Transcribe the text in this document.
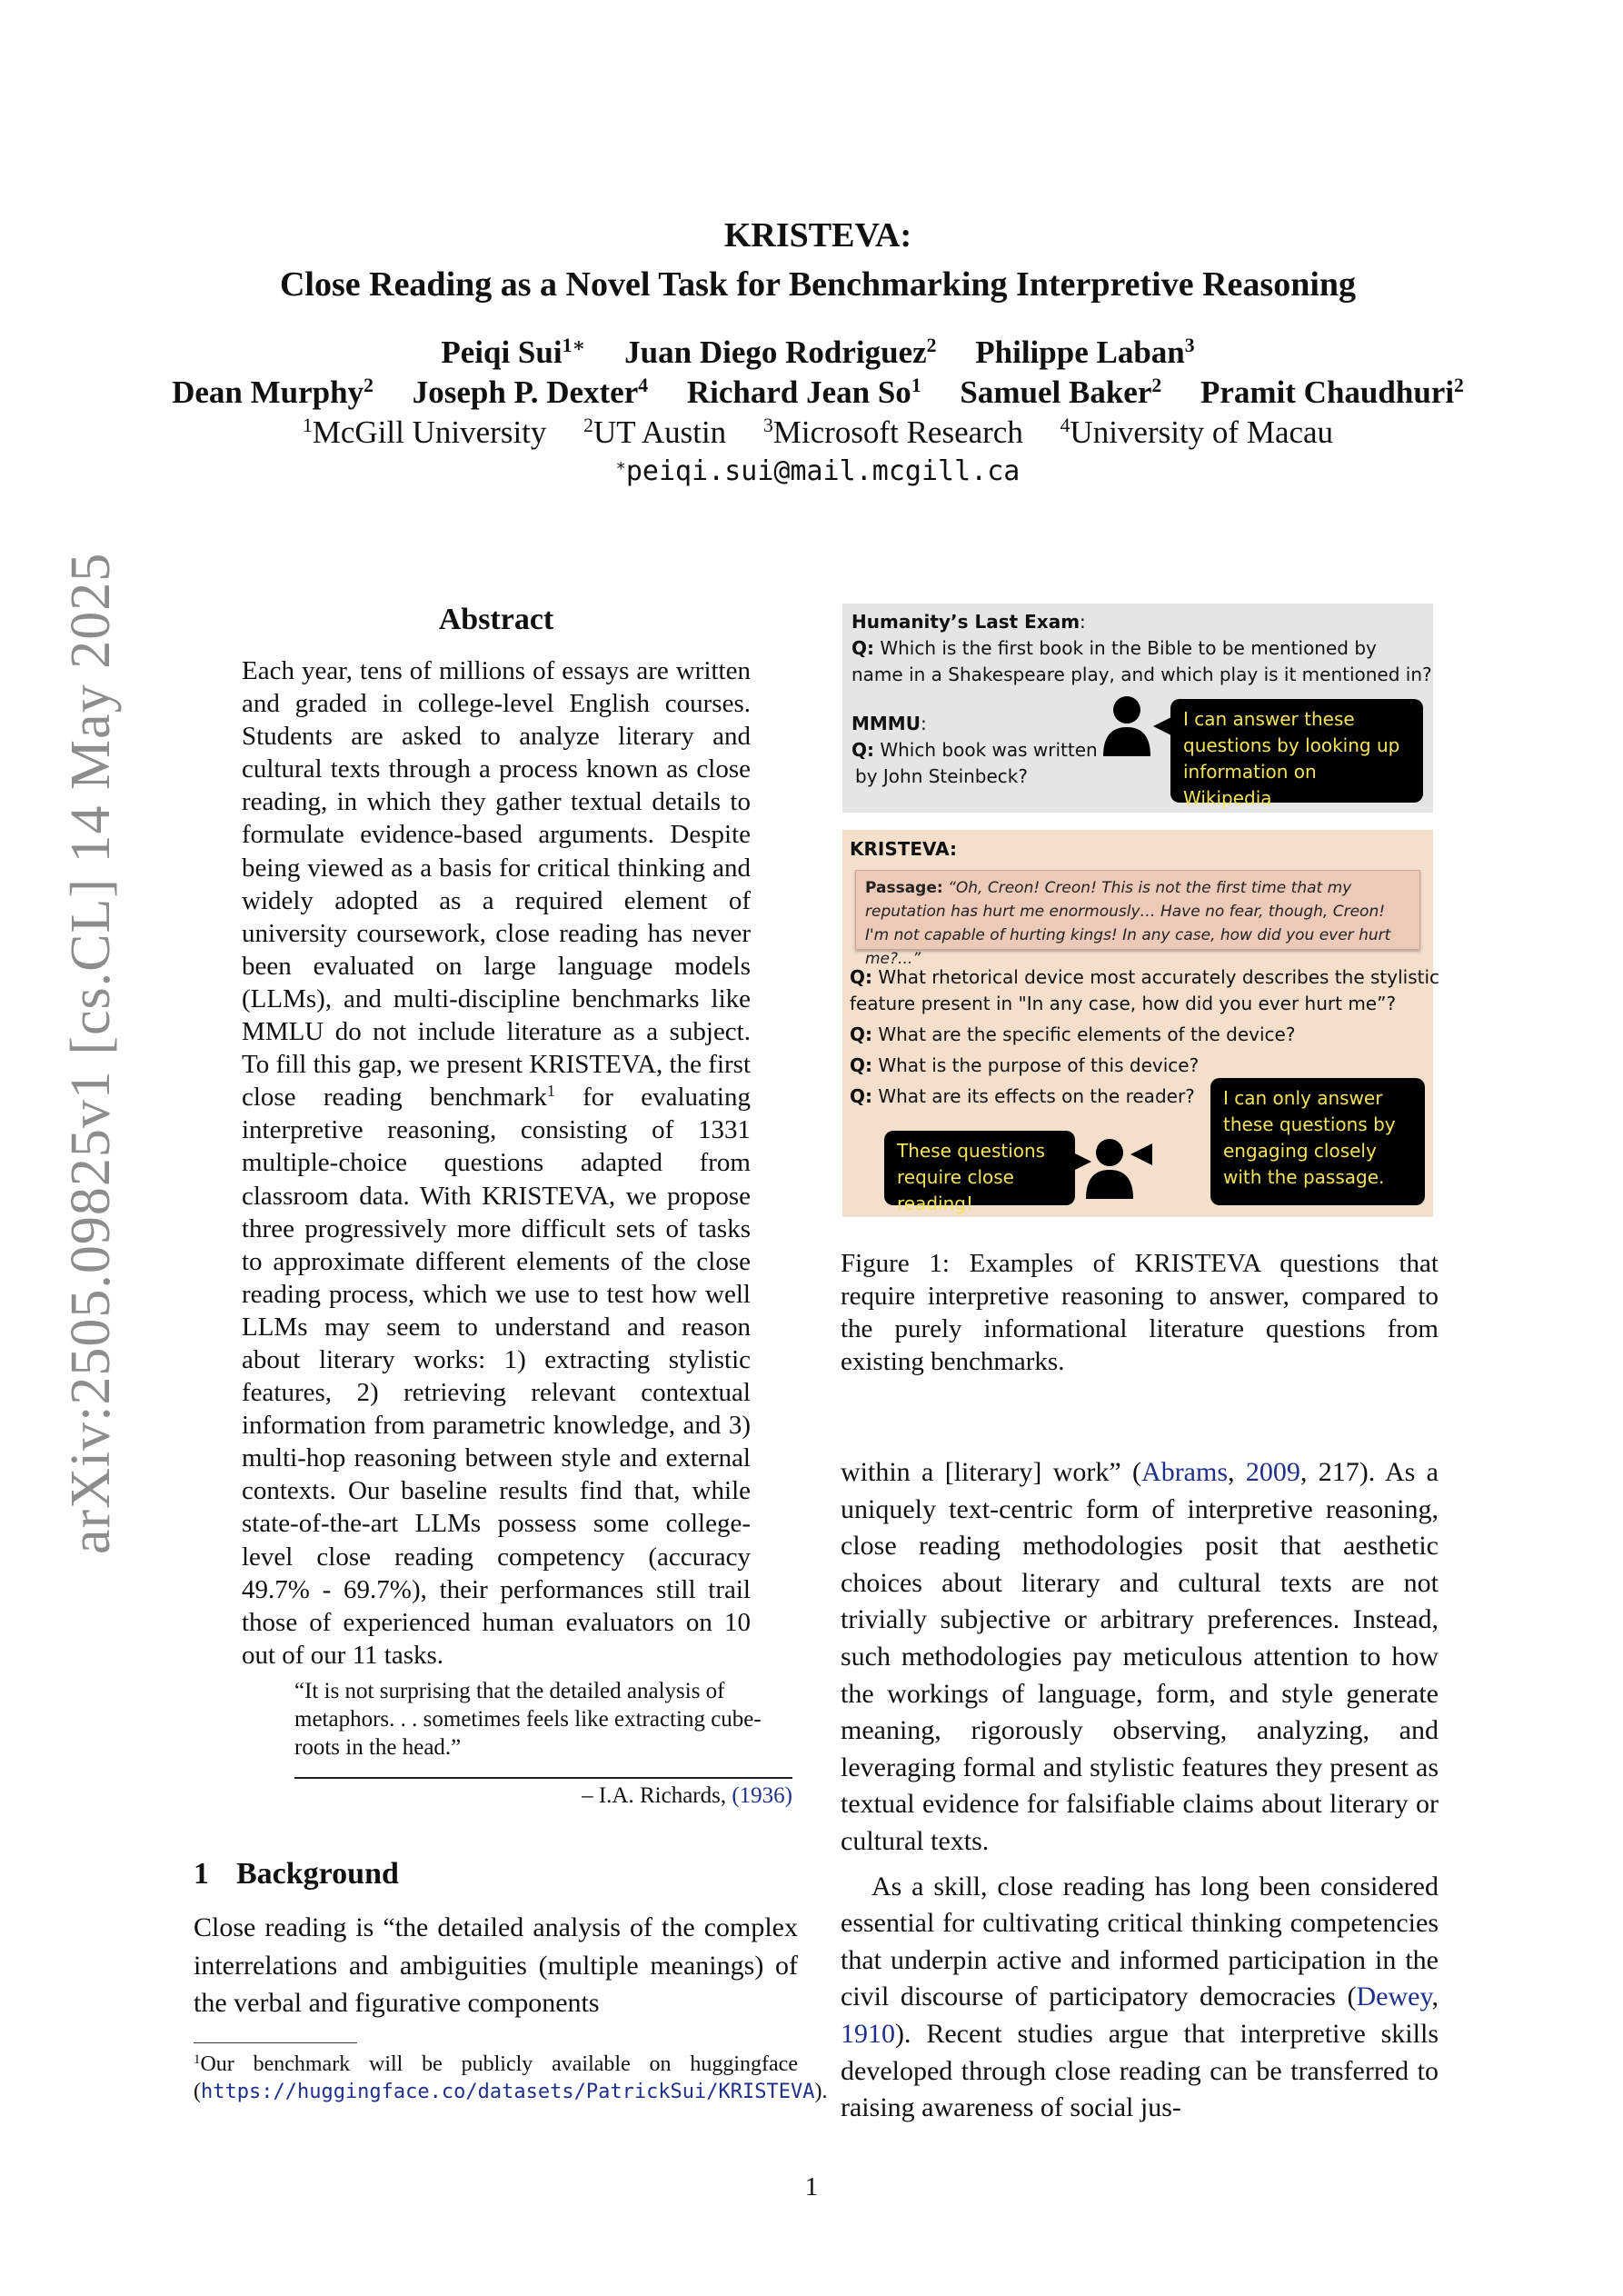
arXiv:2505.09825v1 [cs.CL] 14 May 2025
KRISTEVA:
Close Reading as a Novel Task for Benchmarking Interpretive Reasoning
Peiqi Sui$^{1∗}$ Juan Diego Rodriguez$^2$ Philippe Laban$^3$
Dean Murphy$^2$ Joseph P. Dexter$^4$ Richard Jean So$^1$ Samuel Baker$^2$ Pramit Chaudhuri$^2$
$^1$McGill University $^2$UT Austin $^3$Microsoft Research $^4$University of Macau
∗peiqi.sui@mail.mcgill.ca
Abstract
Each year, tens of millions of essays are written and graded in college-level English courses. Students are asked to analyze literary and cultural texts through a process known as close reading, in which they gather textual details to formulate evidence-based arguments. Despite being viewed as a basis for critical thinking and widely adopted as a required element of university coursework, close reading has never been evaluated on large language models (LLMs), and multi-discipline benchmarks like MMLU do not include literature as a subject. To fill this gap, we present KRISTEVA, the first close reading benchmark$^1$ for evaluating interpretive reasoning, consisting of 1331 multiple-choice questions adapted from classroom data. With KRISTEVA, we propose three progressively more difficult sets of tasks to approximate different elements of the close reading process, which we use to test how well LLMs may seem to understand and reason about literary works: 1) extracting stylistic features, 2) retrieving relevant contextual information from parametric knowledge, and 3) multi-hop reasoning between style and external contexts. Our baseline results find that, while state-of-the-art LLMs possess some college-level close reading competency (accuracy 49.7% - 69.7%), their performances still trail those of experienced human evaluators on 10 out of our 11 tasks.
“It is not surprising that the detailed analysis of metaphors. . . sometimes feels like extracting cube-roots in the head.”
– I.A. Richards, (1936)
1 Background
Close reading is “the detailed analysis of the complex interrelations and ambiguities (multiple meanings) of the verbal and figurative components
$^1$Our benchmark will be publicly available on huggingface (https://huggingface.co/datasets/PatrickSui/KRISTEVA).
Humanity’s Last Exam:
Q: Which is the first book in the Bible to be mentioned by
name in a Shakespeare play, and which play is it mentioned in?
MMMU:
Q: Which book was written
by John Steinbeck?
I can answer these questions by looking up information on Wikipedia
KRISTEVA:
Passage: “Oh, Creon! Creon! This is not the first time that my reputation has hurt me enormously… Have no fear, though, Creon! I'm not capable of hurting kings! In any case, how did you ever hurt me?...”
Q: What rhetorical device most accurately describes the stylistic
feature present in "In any case, how did you ever hurt me”?
Q: What are the specific elements of the device?
Q: What is the purpose of this device?
Q: What are its effects on the reader?
These questions require close reading!
I can only answer these questions by engaging closely with the passage.
Figure 1: Examples of KRISTEVA questions that require interpretive reasoning to answer, compared to the purely informational literature questions from existing benchmarks.

within a [literary] work” (Abrams, 2009, 217). As a uniquely text-centric form of interpretive reasoning, close reading methodologies posit that aesthetic choices about literary and cultural texts are not trivially subjective or arbitrary preferences. Instead, such methodologies pay meticulous attention to how the workings of language, form, and style generate meaning, rigorously observing, analyzing, and leveraging formal and stylistic features they present as textual evidence for falsifiable claims about literary or cultural texts.

As a skill, close reading has long been considered essential for cultivating critical thinking competencies that underpin active and informed participation in the civil discourse of participatory democracies (Dewey, 1910). Recent studies argue that interpretive skills developed through close reading can be transferred to raising awareness of social jus-

1
